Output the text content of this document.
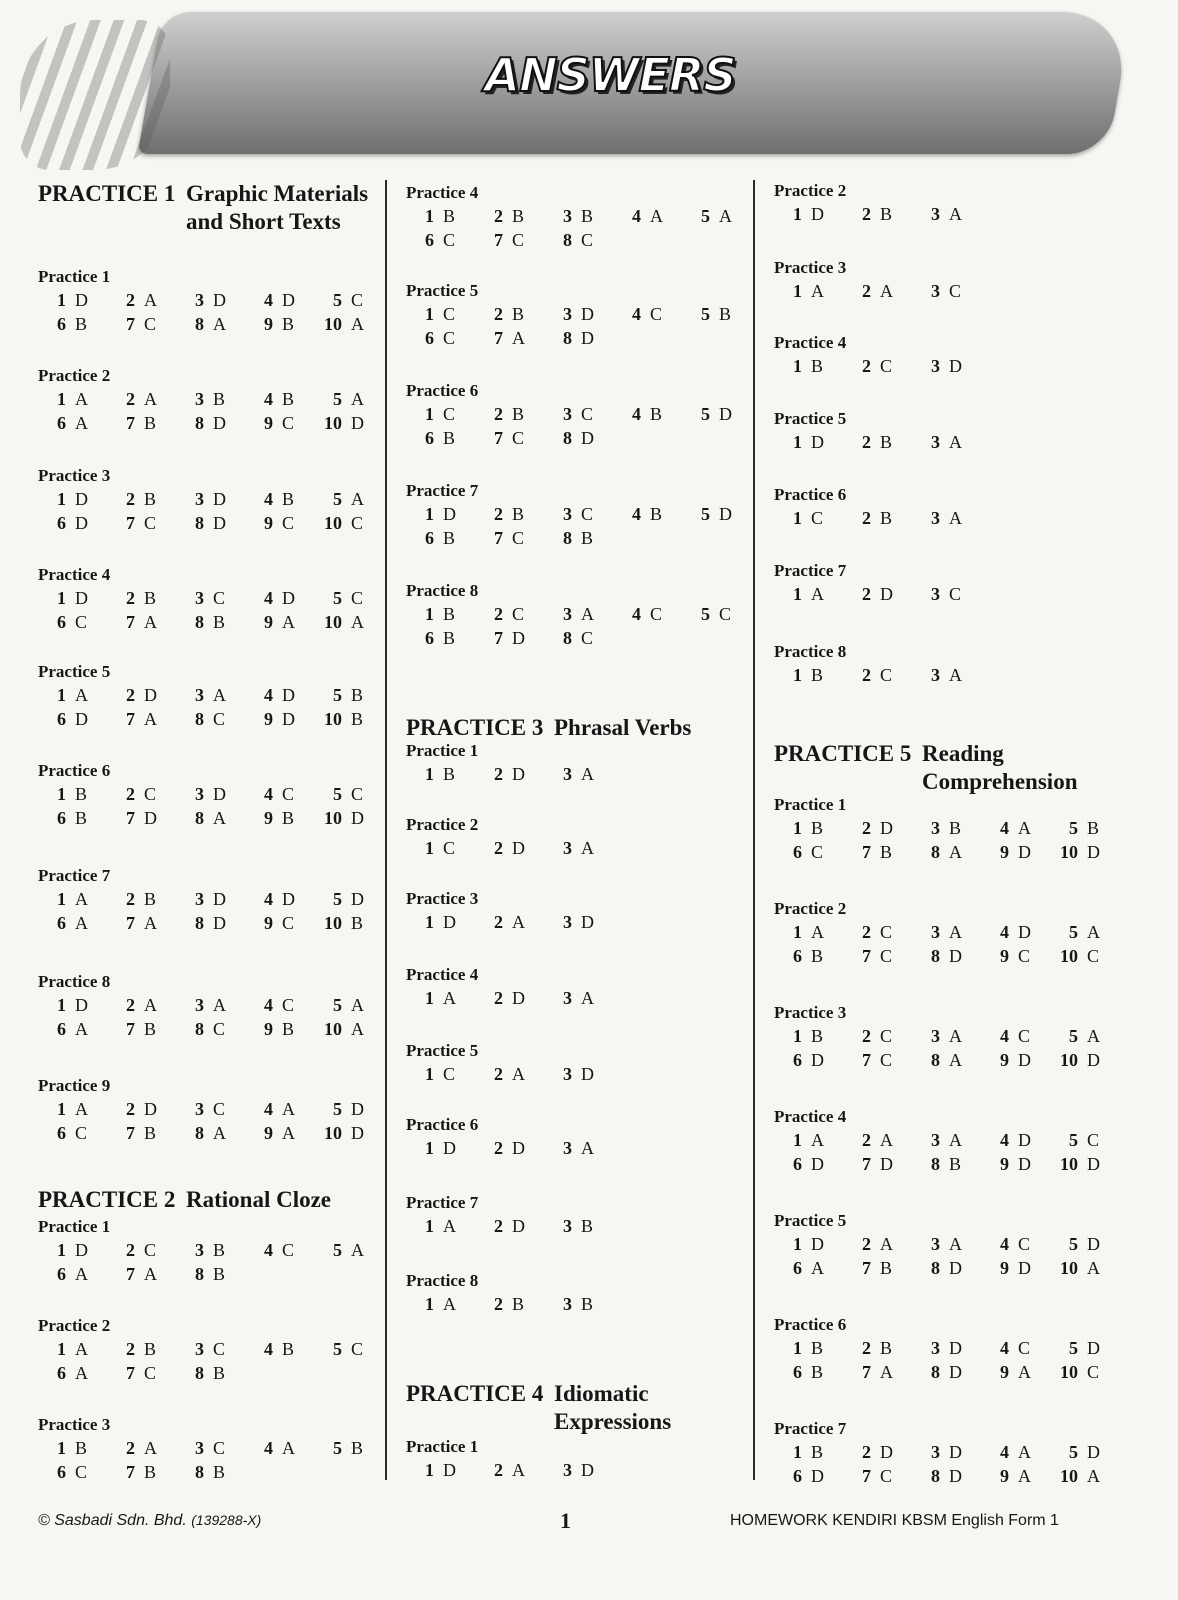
ANSWERS
PRACTICE 1 Graphic Materials and Short Texts
Practice 1
1 D	2 A	3 D	4 D	5 C
6 B	7 C	8 A	9 B	10 A
Practice 2
1 A	2 A	3 B	4 B	5 A
6 A	7 B	8 D	9 C	10 D
Practice 3
1 D	2 B	3 D	4 B	5 A
6 D	7 C	8 D	9 C	10 C
Practice 4
1 D	2 B	3 C	4 D	5 C
6 C	7 A	8 B	9 A	10 A
Practice 5
1 A	2 D	3 A	4 D	5 B
6 D	7 A	8 C	9 D	10 B
Practice 6
1 B	2 C	3 D	4 C	5 C
6 B	7 D	8 A	9 B	10 D
Practice 7
1 A	2 B	3 D	4 D	5 D
6 A	7 A	8 D	9 C	10 B
Practice 8
1 D	2 A	3 A	4 C	5 A
6 A	7 B	8 C	9 B	10 A
Practice 9
1 A	2 D	3 C	4 A	5 D
6 C	7 B	8 A	9 A	10 D
PRACTICE 2 Rational Cloze
Practice 1
1 D	2 C	3 B	4 C	5 A
6 A	7 A	8 B
Practice 2
1 A	2 B	3 C	4 B	5 C
6 A	7 C	8 B
Practice 3
1 B	2 A	3 C	4 A	5 B
6 C	7 B	8 B
Practice 4
1 B	2 B	3 B	4 A	5 A
6 C	7 C	8 C
Practice 5
1 C	2 B	3 D	4 C	5 B
6 C	7 A	8 D
Practice 6
1 C	2 B	3 C	4 B	5 D
6 B	7 C	8 D
Practice 7
1 D	2 B	3 C	4 B	5 D
6 B	7 C	8 B
Practice 8
1 B	2 C	3 A	4 C	5 C
6 B	7 D	8 C
PRACTICE 3 Phrasal Verbs
Practice 1
1 B	2 D	3 A
Practice 2
1 C	2 D	3 A
Practice 3
1 D	2 A	3 D
Practice 4
1 A	2 D	3 A
Practice 5
1 C	2 A	3 D
Practice 6
1 D	2 D	3 A
Practice 7
1 A	2 D	3 B
Practice 8
1 A	2 B	3 B
PRACTICE 4 Idiomatic Expressions
Practice 1
1 D	2 A	3 D
Practice 2
1 D	2 B	3 A
Practice 3
1 A	2 A	3 C
Practice 4
1 B	2 C	3 D
Practice 5
1 D	2 B	3 A
Practice 6
1 C	2 B	3 A
Practice 7
1 A	2 D	3 C
Practice 8
1 B	2 C	3 A
PRACTICE 5 Reading Comprehension
Practice 1
1 B	2 D	3 B	4 A	5 B
6 C	7 B	8 A	9 D	10 D
Practice 2
1 A	2 C	3 A	4 D	5 A
6 B	7 C	8 D	9 C	10 C
Practice 3
1 B	2 C	3 A	4 C	5 A
6 D	7 C	8 A	9 D	10 D
Practice 4
1 A	2 A	3 A	4 D	5 C
6 D	7 D	8 B	9 D	10 D
Practice 5
1 D	2 A	3 A	4 C	5 D
6 A	7 B	8 D	9 D	10 A
Practice 6
1 B	2 B	3 D	4 C	5 D
6 B	7 A	8 D	9 A	10 C
Practice 7
1 B	2 D	3 D	4 A	5 D
6 D	7 C	8 D	9 A	10 A
© Sasbadi Sdn. Bhd. (139288-X)	1	HOMEWORK KENDIRI KBSM English Form 1
